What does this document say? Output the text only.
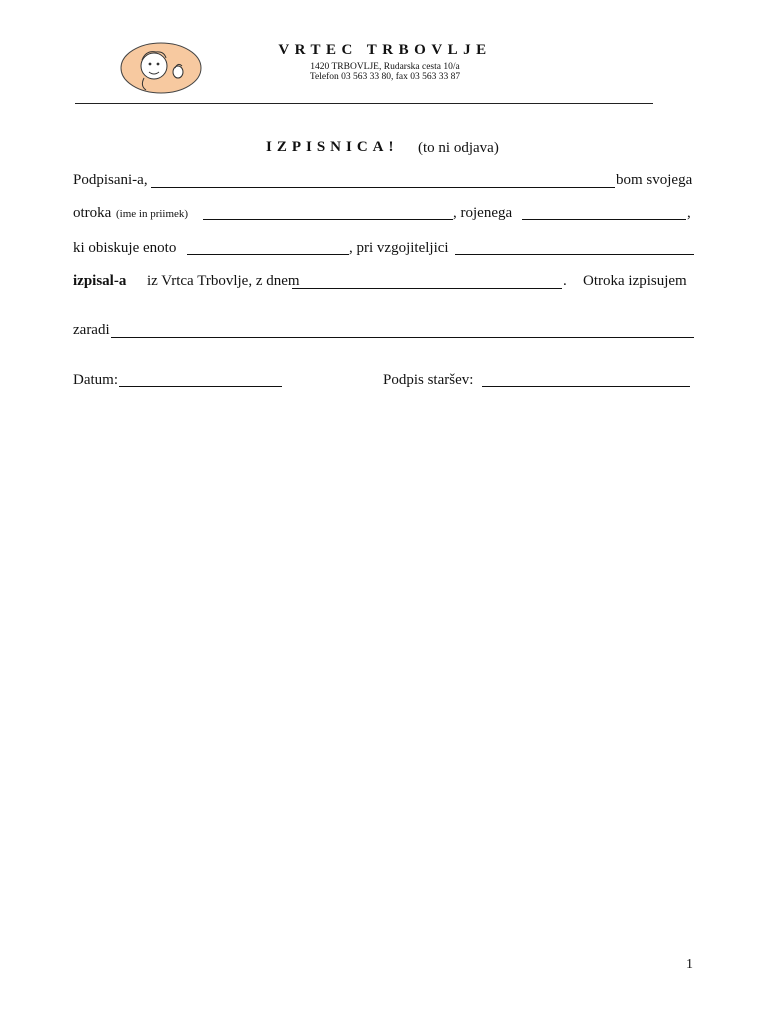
VRTEC TRBOVLJE
1420 TRBOVLJE, Rudarska cesta 10/a
Telefon 03 563 33 80, fax 03 563 33 87
IZPISNICA! (to ni odjava)
Podpisani-a,	bom svojega
otroka (ime in priimek)	, rojenega	,
ki obiskuje enoto	, pri vzgojiteljici
izpisal-a iz Vrtca Trbovlje, z dnem	. Otroka izpisujem
zaradi
Datum:	Podpis staršev:
1
